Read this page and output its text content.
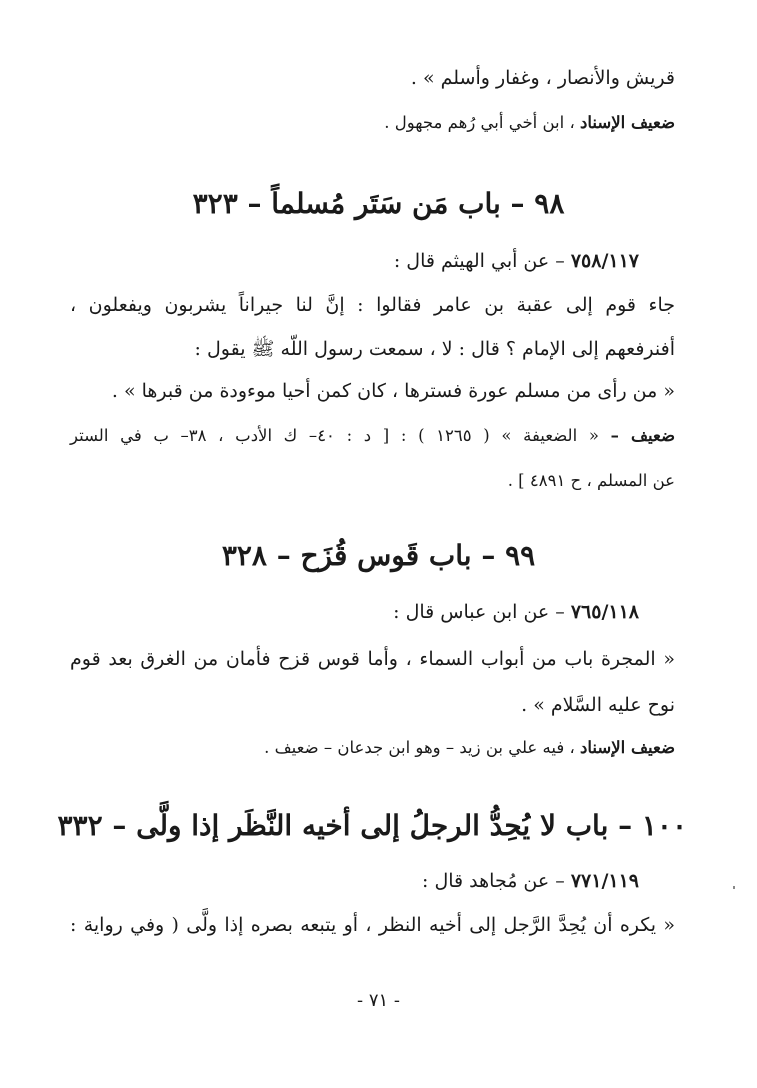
قريش والأنصار ، وغفار وأسلم » .
ضعيف الإسناد ، ابن أخي أبي رُهم مجهول .
٩٨ – باب مَن سَتَر مُسلماً – ٣٢٣
٧٥٨/١١٧ – عن أبي الهيثم قال :
جاء قوم إلى عقبة بن عامر فقالوا : إنَّ لنا جيراناً يشربون ويفعلون ،
أفنرفعهم إلى الإمام ؟ قال : لا ، سمعت رسول اللّه ﷺ يقول :
« من رأى من مسلم عورة فسترها ، كان كمن أحيا موءودة من قبرها » .
ضعيف – « الضعيفة » ( ١٢٦٥ ) : [ د : ٤٠– ك الأدب ، ٣٨– ب في الستر
عن المسلم ، ح ٤٨٩١ ] .
٩٩ – باب قَوس قُزَح – ٣٢٨
٧٦٥/١١٨ – عن ابن عباس قال :
« المجرة باب من أبواب السماء ، وأما قوس قزح فأمان من الغرق بعد قوم
نوح عليه السَّلام » .
ضعيف الإسناد ، فيه علي بن زيد – وهو ابن جدعان – ضعيف .
١٠٠ – باب لا يُحِدُّ الرجلُ إلى أخيه النَّظَر إذا ولَّى – ٣٣٢
٧٧١/١١٩ – عن مُجاهد قال :
« يكره أن يُحِدَّ الرَّجل إلى أخيه النظر ، أو يتبعه بصره إذا ولَّى ( وفي رواية :
- ٧١ -
